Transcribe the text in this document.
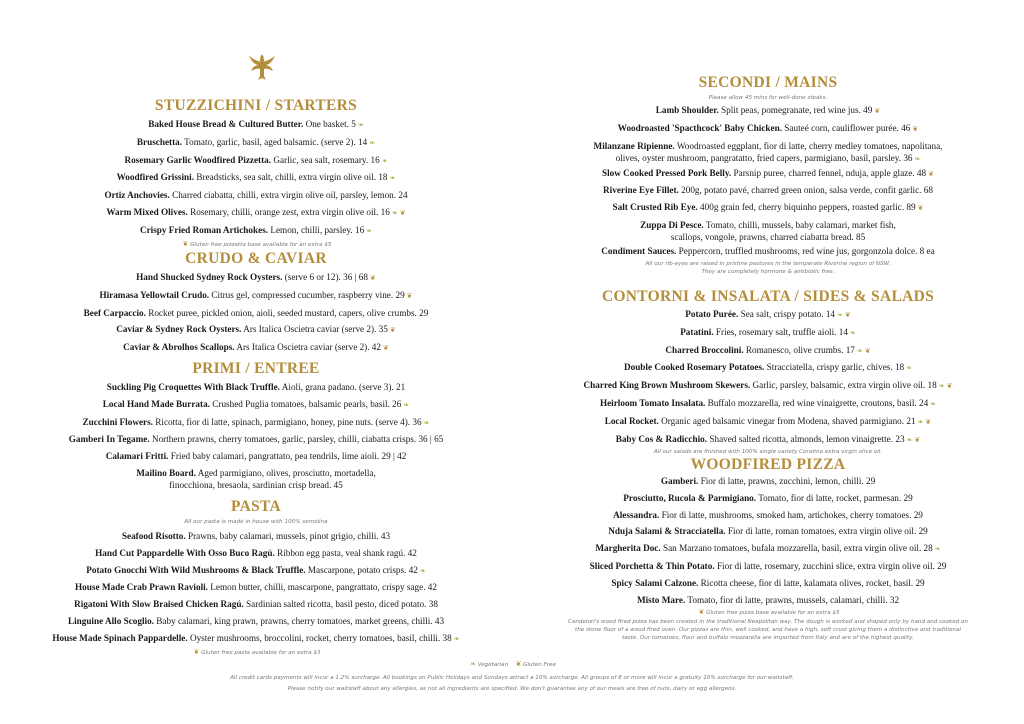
STUZZICHINI / STARTERS
Baked House Bread & Cultured Butter. One basket. 5 ❧
Bruschetta. Tomato, garlic, basil, aged balsamic. (serve 2). 14 ❧
Rosemary Garlic Woodfired Pizzetta. Garlic, sea salt, rosemary. 16 ❧
Woodfired Grissini. Breadsticks, sea salt, chilli, extra virgin olive oil. 18 ❧
Ortiz Anchovies. Charred ciabatta, chilli, extra virgin olive oil, parsley, lemon. 24
Warm Mixed Olives. Rosemary, chilli, orange zest, extra virgin olive oil. 16 ❧ ❦
Crispy Fried Roman Artichokes. Lemon, chilli, parsley. 16 ❧
❦ Gluten free pizzetta base available for an extra $5
CRUDO & CAVIAR
Hand Shucked Sydney Rock Oysters. (serve 6 or 12). 36 | 68 ❦
Hiramasa Yellowtail Crudo. Citrus gel, compressed cucumber, raspberry vine. 29 ❦
Beef Carpaccio. Rocket puree, pickled onion, aioli, seeded mustard, capers, olive crumbs. 29
Caviar & Sydney Rock Oysters. Ars Italica Oscietra caviar (serve 2). 35 ❦
Caviar & Abrolhos Scallops. Ars Italica Oscietra caviar (serve 2). 42 ❦
PRIMI / ENTREE
Suckling Pig Croquettes With Black Truffle. Aioli, grana padano. (serve 3). 21
Local Hand Made Burrata. Crushed Puglia tomatoes, balsamic pearls, basil. 26 ❧
Zucchini Flowers. Ricotta, fior di latte, spinach, parmigiano, honey, pine nuts. (serve 4). 36 ❧
Gamberi In Tegame. Northern prawns, cherry tomatoes, garlic, parsley, chilli, ciabatta crisps. 36 | 65
Calamari Fritti. Fried baby calamari, pangrattato, pea tendrils, lime aioli. 29 | 42
Mailino Board. Aged parmigiano, olives, prosciutto, mortadella,
finocchiona, bresaola, sardinian crisp bread. 45
PASTA
All our pasta is made in house with 100% semolina
Seafood Risotto. Prawns, baby calamari, mussels, pinot grigio, chilli. 43
Hand Cut Pappardelle With Osso Buco Ragú. Ribbon egg pasta, veal shank ragú. 42
Potato Gnocchi With Wild Mushrooms & Black Truffle. Mascarpone, potato crisps. 42 ❧
House Made Crab Prawn Ravioli. Lemon butter, chilli, mascarpone, pangrattato, crispy sage. 42
Rigatoni With Slow Braised Chicken Ragú. Sardinian salted ricotta, basil pesto, diced potato. 38
Linguine Allo Scoglio. Baby calamari, king prawn, prawns, cherry tomatoes, market greens, chilli. 43
House Made Spinach Pappardelle. Oyster mushrooms, broccolini, rocket, cherry tomatoes, basil, chilli. 38 ❧
❦ Gluten free pasta available for an extra $3
SECONDI / MAINS
Please allow 45 mins for well-done steaks.
Lamb Shoulder. Split peas, pomegranate, red wine jus. 49 ❦
Woodroasted 'Spacthcock' Baby Chicken. Sauteé corn, cauliflower purée. 46 ❦
Milanzane Ripienne. Woodroasted eggplant, fior di latte, cherry medley tomatoes, napolitana,
olives, oyster mushroom, pangratatto, fried capers, parmigiano, basil, parsley. 36 ❧
Slow Cooked Pressed Pork Belly. Parsnip puree, charred fennel, nduja, apple glaze. 48 ❦
Riverine Eye Fillet. 200g, potato pavé, charred green onion, salsa verde, confit garlic. 68
Salt Crusted Rib Eye. 400g grain fed, cherry biquinho peppers, roasted garlic. 89 ❦
Zuppa Di Pesce. Tomato, chilli, mussels, baby calamari, market fish,
scallops, vongole, prawns, charred ciabatta bread. 85
Condiment Sauces. Peppercorn, truffled mushrooms, red wine jus, gorgonzola dolce. 8 ea
All our rib-eyes are raised in pristine pastures in the temperate Riverine region of NSW.
They are completely hormone & antibiotic free.
CONTORNI & INSALATA / SIDES & SALADS
Potato Purée. Sea salt, crispy potato. 14 ❧ ❦
Patatini. Fries, rosemary salt, truffle aioli. 14 ❧
Charred Broccolini. Romanesco, olive crumbs. 17 ❧ ❦
Double Cooked Rosemary Potatoes. Stracciatella, crispy garlic, chives. 18 ❧
Charred King Brown Mushroom Skewers. Garlic, parsley, balsamic, extra virgin olive oil. 18 ❧ ❦
Heirloom Tomato Insalata. Buffalo mozzarella, red wine vinaigrette, croutons, basil. 24 ❧
Local Rocket. Organic aged balsamic vinegar from Modena, shaved parmigiano. 21 ❧ ❦
Baby Cos & Radicchio. Shaved salted ricotta, almonds, lemon vinaigrette. 23 ❧ ❦
All our salads are finished with 100% single variety Coratina extra virgin olive oil.
WOODFIRED PIZZA
Gamberi. Fior di latte, prawns, zucchini, lemon, chilli. 29
Prosciutto, Rucola & Parmigiano. Tomato, fior di latte, rocket, parmesan. 29
Alessandra. Fior di latte, mushrooms, smoked ham, artichokes, cherry tomatoes. 29
Nduja Salami & Stracciatella. Fior di latte, roman tomatoes, extra virgin olive oil. 29
Margherita Doc. San Marzano tomatoes, bufala mozzarella, basil, extra virgin olive oil. 28 ❧
Sliced Porchetta & Thin Potato. Fior di latte, rosemary, zucchini slice, extra virgin olive oil. 29
Spicy Salami Calzone. Ricotta cheese, fior di latte, kalamata olives, rocket, basil. 29
Misto Mare. Tomato, fior di latte, prawns, mussels, calamari, chilli. 32
❦ Gluten free pizza base available for an extra $5
Candelori's wood fired pizza has been created in the traditional Neapolitan way. The dough is worked and shaped only by hand and cooked on the stone floor of a wood fired oven. Our pizzas are thin, well cooked, and have a high, soft crust giving them a distinctive and traditional taste. Our tomatoes, flour and buffalo mozzarella are imported from Italy and are of the highest quality.
❧ Vegetarian ❦ Gluten Free
All credit cards payments will incur a 1.2% surcharge. All bookings on Public Holidays and Sundays attract a 10% surcharge. All groups of 8 or more will incur a gratuity 10% surcharge for our waitstaff.
Please notify our waitstaff about any allergies, as not all ingredients are specified. We don't guarantee any of our meals are free of nuts, dairy or egg allergens.
